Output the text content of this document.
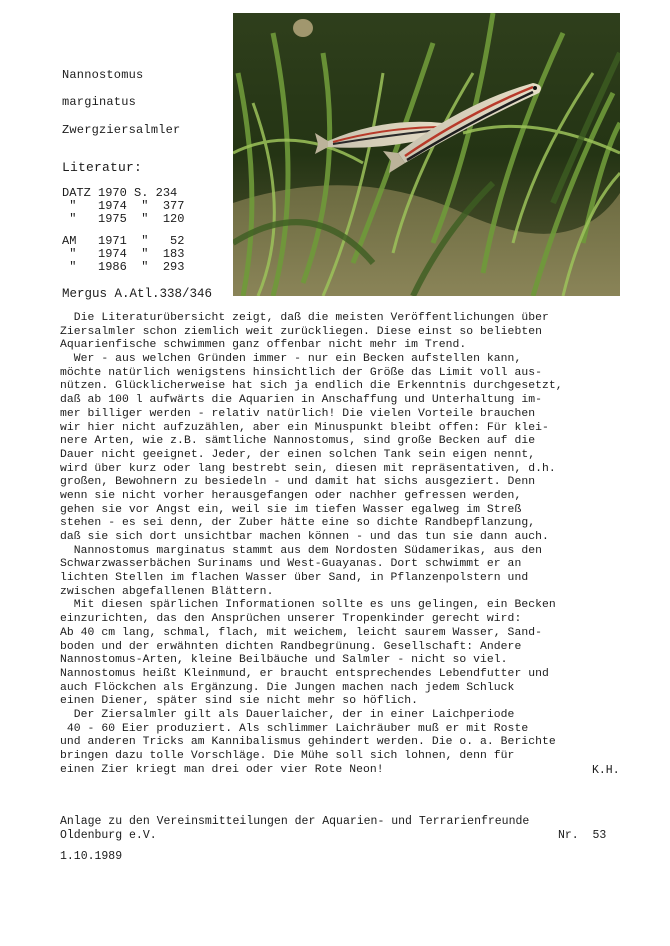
Nannostomus
marginatus
Zwergziersalmler
Literatur:
DATZ 1970 S. 234
"   1974  "  377
"   1975  "  120
AM   1971  "   52
"   1974  "  183
"   1986  "  293
Mergus A.Atl.338/346
Die Literaturübersicht zeigt, daß die meisten Veröffentlichungen über
Ziersalmler schon ziemlich weit zurückliegen. Diese einst so beliebten
Aquarienfische schwimmen ganz offenbar nicht mehr im Trend.
Wer - aus welchen Gründen immer - nur ein Becken aufstellen kann,
möchte natürlich wenigstens hinsichtlich der Größe das Limit voll aus-
nützen. Glücklicherweise hat sich ja endlich die Erkenntnis durchgesetzt,
daß ab 100 l aufwärts die Aquarien in Anschaffung und Unterhaltung im-
mer billiger werden - relativ natürlich! Die vielen Vorteile brauchen
wir hier nicht aufzuzählen, aber ein Minuspunkt bleibt offen: Für klei-
nere Arten, wie z.B. sämtliche Nannostomus, sind große Becken auf die
Dauer nicht geeignet. Jeder, der einen solchen Tank sein eigen nennt,
wird über kurz oder lang bestrebt sein, diesen mit repräsentativen, d.h.
großen, Bewohnern zu besiedeln - und damit hat sichs ausgeziert. Denn
wenn sie nicht vorher herausgefangen oder nachher gefressen werden,
gehen sie vor Angst ein, weil sie im tiefen Wasser egalweg im Streß
stehen - es sei denn, der Zuber hätte eine so dichte Randbepflanzung,
daß sie sich dort unsichtbar machen können - und das tun sie dann auch.
Nannostomus marginatus stammt aus dem Nordosten Südamerikas, aus den
Schwarzwasserbächen Surinams und West-Guayanas. Dort schwimmt er an
lichten Stellen im flachen Wasser über Sand, in Pflanzenpolstern und
zwischen abgefallenen Blättern.
Mit diesen spärlichen Informationen sollte es uns gelingen, ein Becken
einzurichten, das den Ansprüchen unserer Tropenkinder gerecht wird:
Ab 40 cm lang, schmal, flach, mit weichem, leicht saurem Wasser, Sand-
boden und der erwähnten dichten Randbegrünung. Gesellschaft: Andere
Nannostomus-Arten, kleine Beilbäuche und Salmler - nicht so viel.
Nannostomus heißt Kleinmund, er braucht entsprechendes Lebendfutter und
auch Flöckchen als Ergänzung. Die Jungen machen nach jedem Schluck
einen Diener, später sind sie nicht mehr so höflich.
Der Ziersalmler gilt als Dauerlaicher, der in einer Laichperiode
40 - 60 Eier produziert. Als schlimmer Laichräuber muß er mit Roste
und anderen Tricks am Kannibalismus gehindert werden. Die o. a. Berichte
bringen dazu tolle Vorschläge. Die Mühe soll sich lohnen, denn für
einen Zier kriegt man drei oder vier Rote Neon!	K.H.
Anlage zu den Vereinsmitteilungen der Aquarien- und Terrarienfreunde
Oldenburg e.V.	Nr.  53
1.10.1989
